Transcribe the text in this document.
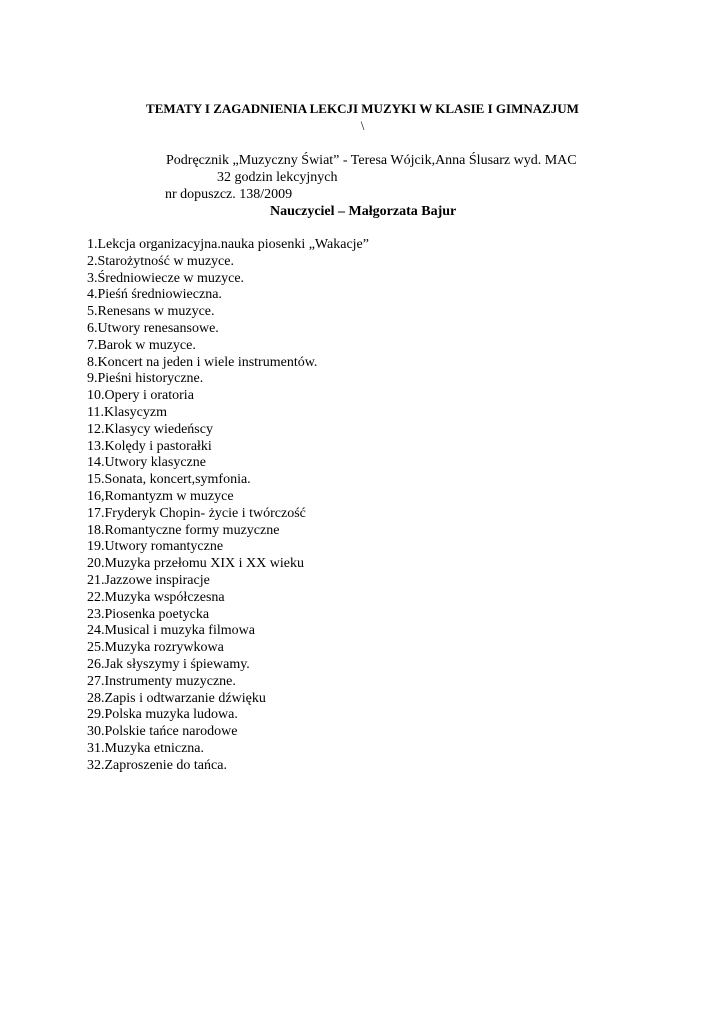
TEMATY I ZAGADNIENIA LEKCJI MUZYKI W KLASIE I GIMNAZJUM
\
Podręcznik „Muzyczny Świat” - Teresa Wójcik,Anna Ślusarz wyd. MAC
32 godzin lekcyjnych
nr dopuszcz. 138/2009
Nauczyciel – Małgorzata Bajur
1.Lekcja organizacyjna.nauka piosenki „Wakacje”
2.Starożytność w muzyce.
3.Średniowiecze w muzyce.
4.Pieśń średniowieczna.
5.Renesans w muzyce.
6.Utwory renesansowe.
7.Barok w muzyce.
8.Koncert na jeden i wiele instrumentów.
9.Pieśni historyczne.
10.Opery i oratoria
11.Klasycyzm
12.Klasycy wiedeńscy
13.Kolędy i pastorałki
14.Utwory klasyczne
15.Sonata, koncert,symfonia.
16,Romantyzm w muzyce
17.Fryderyk Chopin- życie i twórczość
18.Romantyczne formy muzyczne
19.Utwory romantyczne
20.Muzyka przełomu XIX i XX wieku
21.Jazzowe inspiracje
22.Muzyka współczesna
23.Piosenka poetycka
24.Musical i muzyka filmowa
25.Muzyka rozrywkowa
26.Jak słyszymy i śpiewamy.
27.Instrumenty muzyczne.
28.Zapis i odtwarzanie dźwięku
29.Polska muzyka ludowa.
30.Polskie tańce narodowe
31.Muzyka etniczna.
32.Zaproszenie do tańca.
